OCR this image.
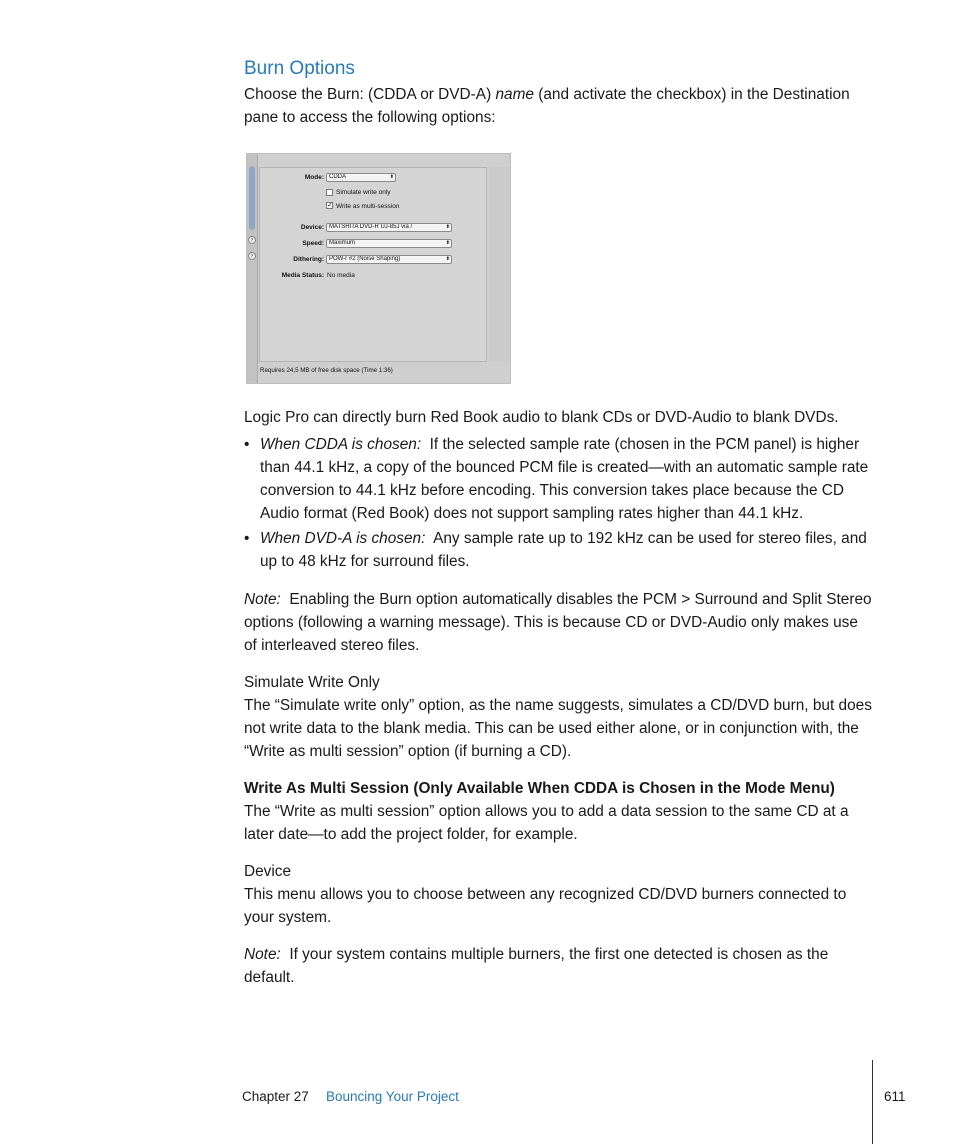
Burn Options

Choose the Burn: (CDDA or DVD-A) name (and activate the checkbox) in the Destination pane to access the following options:

›
›
Mode: CDDA	⬍
Simulate write only
✓ Write as multi-session
Device: MATSHITA DVD-R UJ-85J via /	⬍
Speed: Maximum	⬍
Dithering: POW-r #2 (Noise Shaping)	⬍
Media Status: No media
Requires 24,5 MB of free disk space (Time 1:36)

Logic Pro can directly burn Red Book audio to blank CDs or DVD-Audio to blank DVDs.

• When CDDA is chosen: If the selected sample rate (chosen in the PCM panel) is higher than 44.1 kHz, a copy of the bounced PCM file is created—with an automatic sample rate conversion to 44.1 kHz before encoding. This conversion takes place because the CD Audio format (Red Book) does not support sampling rates higher than 44.1 kHz.
• When DVD-A is chosen: Any sample rate up to 192 kHz can be used for stereo files, and up to 48 kHz for surround files.

Note: Enabling the Burn option automatically disables the PCM > Surround and Split Stereo options (following a warning message). This is because CD or DVD-Audio only makes use of interleaved stereo files.

Simulate Write Only

The “Simulate write only” option, as the name suggests, simulates a CD/DVD burn, but does not write data to the blank media. This can be used either alone, or in conjunction with, the “Write as multi session” option (if burning a CD).

Write As Multi Session (Only Available When CDDA is Chosen in the Mode Menu)

The “Write as multi session” option allows you to add a data session to the same CD at a later date—to add the project folder, for example.

Device

This menu allows you to choose between any recognized CD/DVD burners connected to your system.

Note: If your system contains multiple burners, the first one detected is chosen as the default.

Chapter 27 Bouncing Your Project	611
